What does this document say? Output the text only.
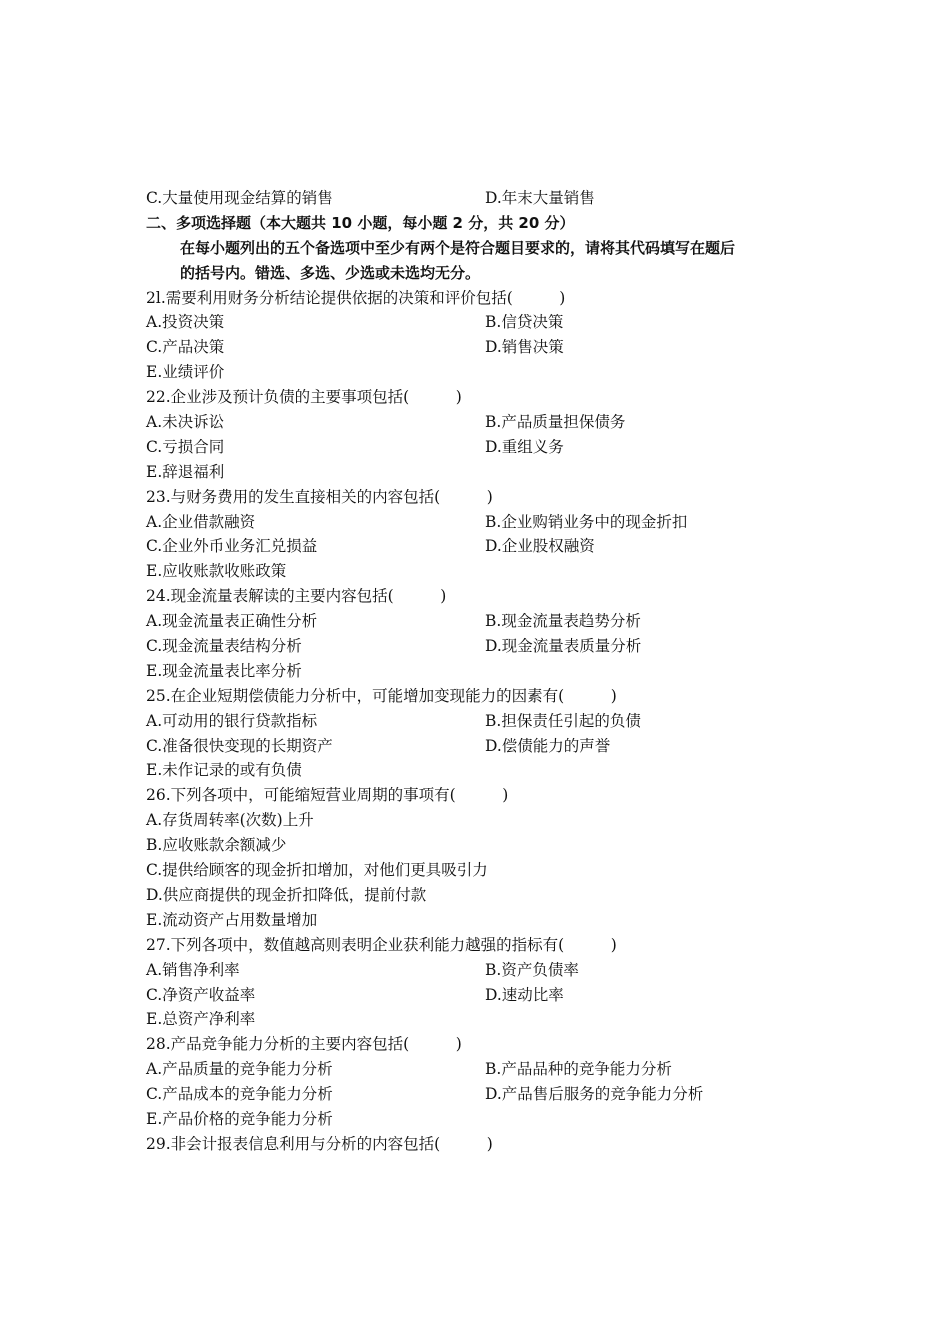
C.大量使用现金结算的销售	D.年末大量销售
二、多项选择题（本大题共 10 小题，每小题 2 分，共 20 分）
在每小题列出的五个备选项中至少有两个是符合题目要求的，请将其代码填写在题后
的括号内。错选、多选、少选或未选均无分。
2l.需要利用财务分析结论提供依据的决策和评价包括(　　　)
A.投资决策	B.信贷决策
C.产品决策	D.销售决策
E.业绩评价
22.企业涉及预计负债的主要事项包括(　　　)
A.未决诉讼	B.产品质量担保债务
C.亏损合同	D.重组义务
E.辞退福利
23.与财务费用的发生直接相关的内容包括(　　　)
A.企业借款融资	B.企业购销业务中的现金折扣
C.企业外币业务汇兑损益	D.企业股权融资
E.应收账款收账政策
24.现金流量表解读的主要内容包括(　　　)
A.现金流量表正确性分析	B.现金流量表趋势分析
C.现金流量表结构分析	D.现金流量表质量分析
E.现金流量表比率分析
25.在企业短期偿债能力分析中，可能增加变现能力的因素有(　　　)
A.可动用的银行贷款指标	B.担保责任引起的负债
C.准备很快变现的长期资产	D.偿债能力的声誉
E.未作记录的或有负债
26.下列各项中，可能缩短营业周期的事项有(　　　)
A.存货周转率(次数)上升
B.应收账款余额减少
C.提供给顾客的现金折扣增加，对他们更具吸引力
D.供应商提供的现金折扣降低，提前付款
E.流动资产占用数量增加
27.下列各项中，数值越高则表明企业获利能力越强的指标有(　　　)
A.销售净利率	B.资产负债率
C.净资产收益率	D.速动比率
E.总资产净利率
28.产品竞争能力分析的主要内容包括(　　　)
A.产品质量的竞争能力分析	B.产品品种的竞争能力分析
C.产品成本的竞争能力分析	D.产品售后服务的竞争能力分析
E.产品价格的竞争能力分析
29.非会计报表信息利用与分析的内容包括(　　　)
